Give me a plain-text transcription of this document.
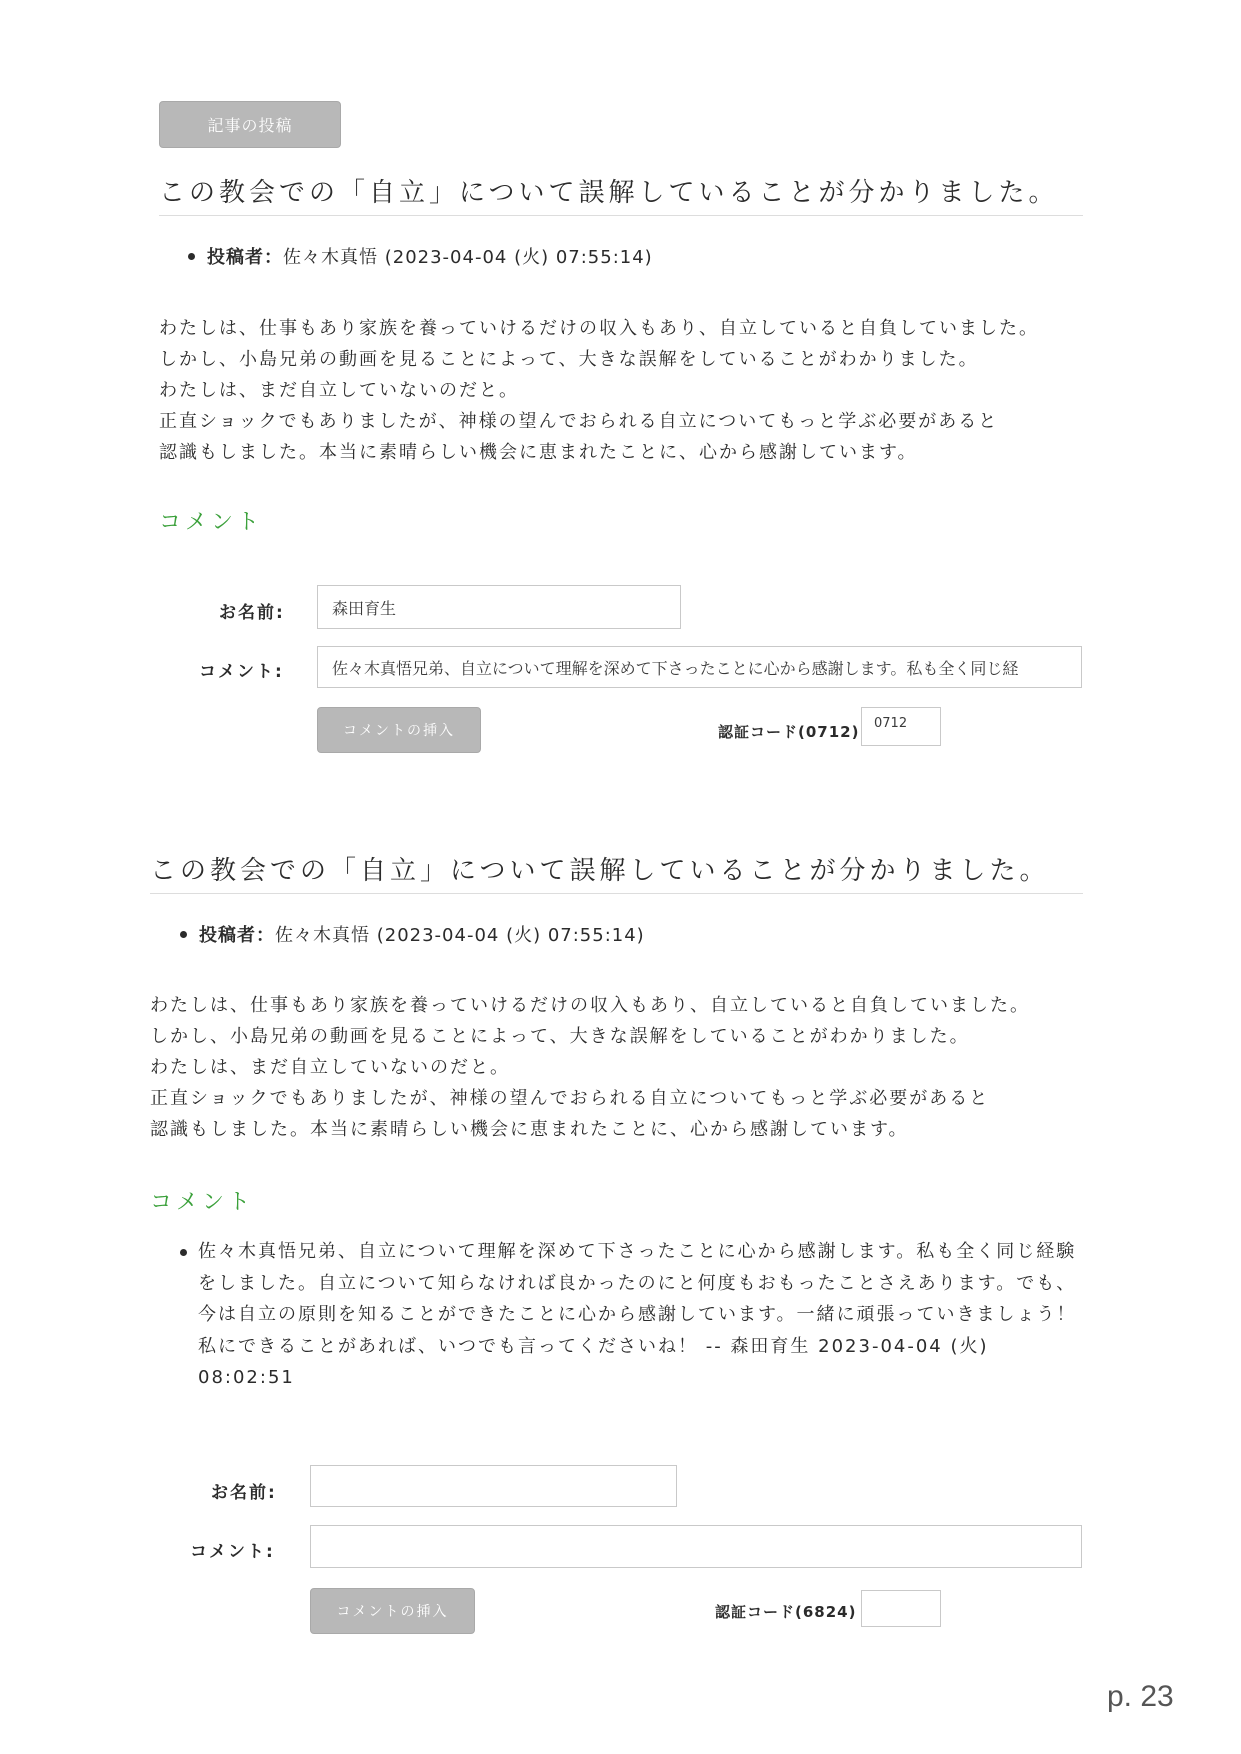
記事の投稿
この教会での「自立」について誤解していることが分かりました。
投稿者：佐々木真悟 (2023-04-04 (火) 07:55:14)
わたしは、仕事もあり家族を養っていけるだけの収入もあり、自立していると自負していました。
しかし、小島兄弟の動画を見ることによって、大きな誤解をしていることがわかりました。
わたしは、まだ自立していないのだと。
正直ショックでもありましたが、神様の望んでおられる自立についてもっと学ぶ必要があると
認識もしました。本当に素晴らしい機会に恵まれたことに、心から感謝しています。
コメント
お名前:	森田育生
コメント:	佐々木真悟兄弟、自立について理解を深めて下さったことに心から感謝します。私も全く同じ経
コメントの挿入	認証コード(0712)	0712
この教会での「自立」について誤解していることが分かりました。
投稿者：佐々木真悟 (2023-04-04 (火) 07:55:14)
わたしは、仕事もあり家族を養っていけるだけの収入もあり、自立していると自負していました。
しかし、小島兄弟の動画を見ることによって、大きな誤解をしていることがわかりました。
わたしは、まだ自立していないのだと。
正直ショックでもありましたが、神様の望んでおられる自立についてもっと学ぶ必要があると
認識もしました。本当に素晴らしい機会に恵まれたことに、心から感謝しています。
コメント
佐々木真悟兄弟、自立について理解を深めて下さったことに心から感謝します。私も全く同じ経験をしました。自立について知らなければ良かったのにと何度もおもったことさえあります。でも、今は自立の原則を知ることができたことに心から感謝しています。一緒に頑張っていきましょう！私にできることがあれば、いつでも言ってくださいね！ -- 森田育生 2023-04-04 (火) 08:02:51
お名前:
コメント:
コメントの挿入	認証コード(6824)
p. 23
